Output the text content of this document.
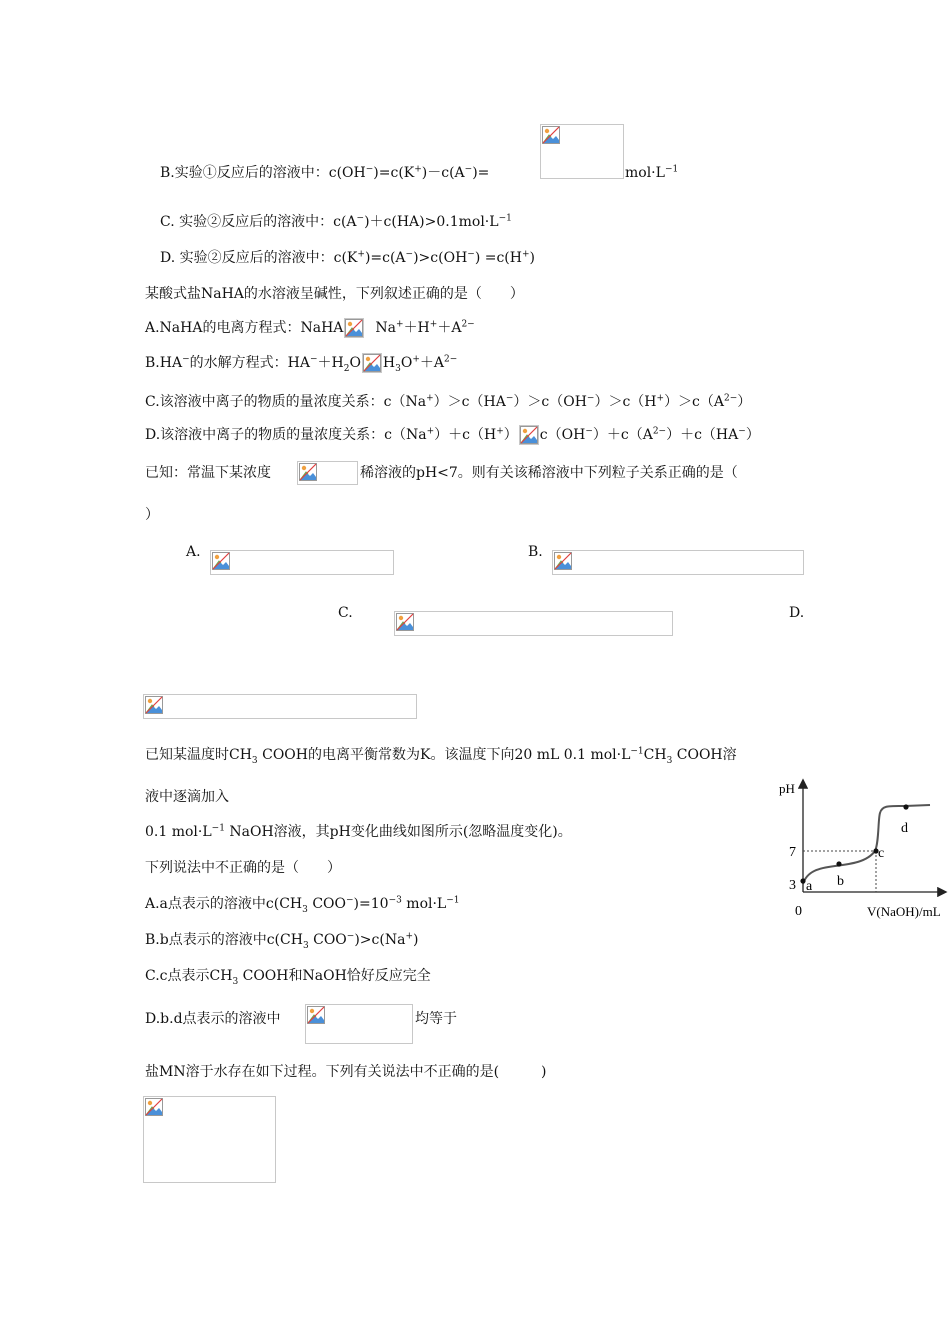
B.实验①反应后的溶液中：c(OH−)=c(K+)－c(A−)=	$mol\cdot L^{-1}$
C. 实验②反应后的溶液中：$c(A^-)+c(HA)>0.1mol\cdot L^{-1}$
D. 实验②反应后的溶液中：c(K+)=c(A−)>c(OH−) =c(H+)
某酸式盐NaHA的水溶液呈碱性，下列叙述正确的是（　　）
A.NaHA的电离方程式：NaHA $Na^++H^++A^{2-}$
B.HA−的水解方程式：$HA^-+H_2O$ $H_3O^++A^{2-}$
C.该溶液中离子的物质的量浓度关系：$c(Na^+)>c(HA^-)>c(OH^-)>c(H^+)>c(A^{2-})$
D.该溶液中离子的物质的量浓度关系：c（Na+）＋c（H+） $c(OH^-)+c(A^{2-})+c(HA^-)$
已知：常温下某浓度	稀溶液的pH<7。则有关该稀溶液中下列粒子关系正确的是（
）
A.	B.
C.	D.
已知某温度时$CH_3$ COOH的电离平衡常数为K。该温度下向20 mL 0.1 $mol\cdot L^{-1}CH_3$ COOH溶
液中逐滴加入
0.1 $mol\cdot L^{-1}$ NaOH溶液，其pH变化曲线如图所示(忽略温度变化)。
下列说法中不正确的是（　　）
A.a点表示的溶液中$c(CH_3$ $COO^-)=10^{-3}$ $mol\cdot L^{-1}$
B.b点表示的溶液中$c(CH_3$ COO−)>c(Na+)
C.c点表示$CH_3$ COOH和NaOH恰好反应完全
D.b.d点表示的溶液中	均等于
pH
V(NaOH)/mL
0
3
7
a b
c
d
盐MN溶于水存在如下过程。下列有关说法中不正确的是(　　　)
